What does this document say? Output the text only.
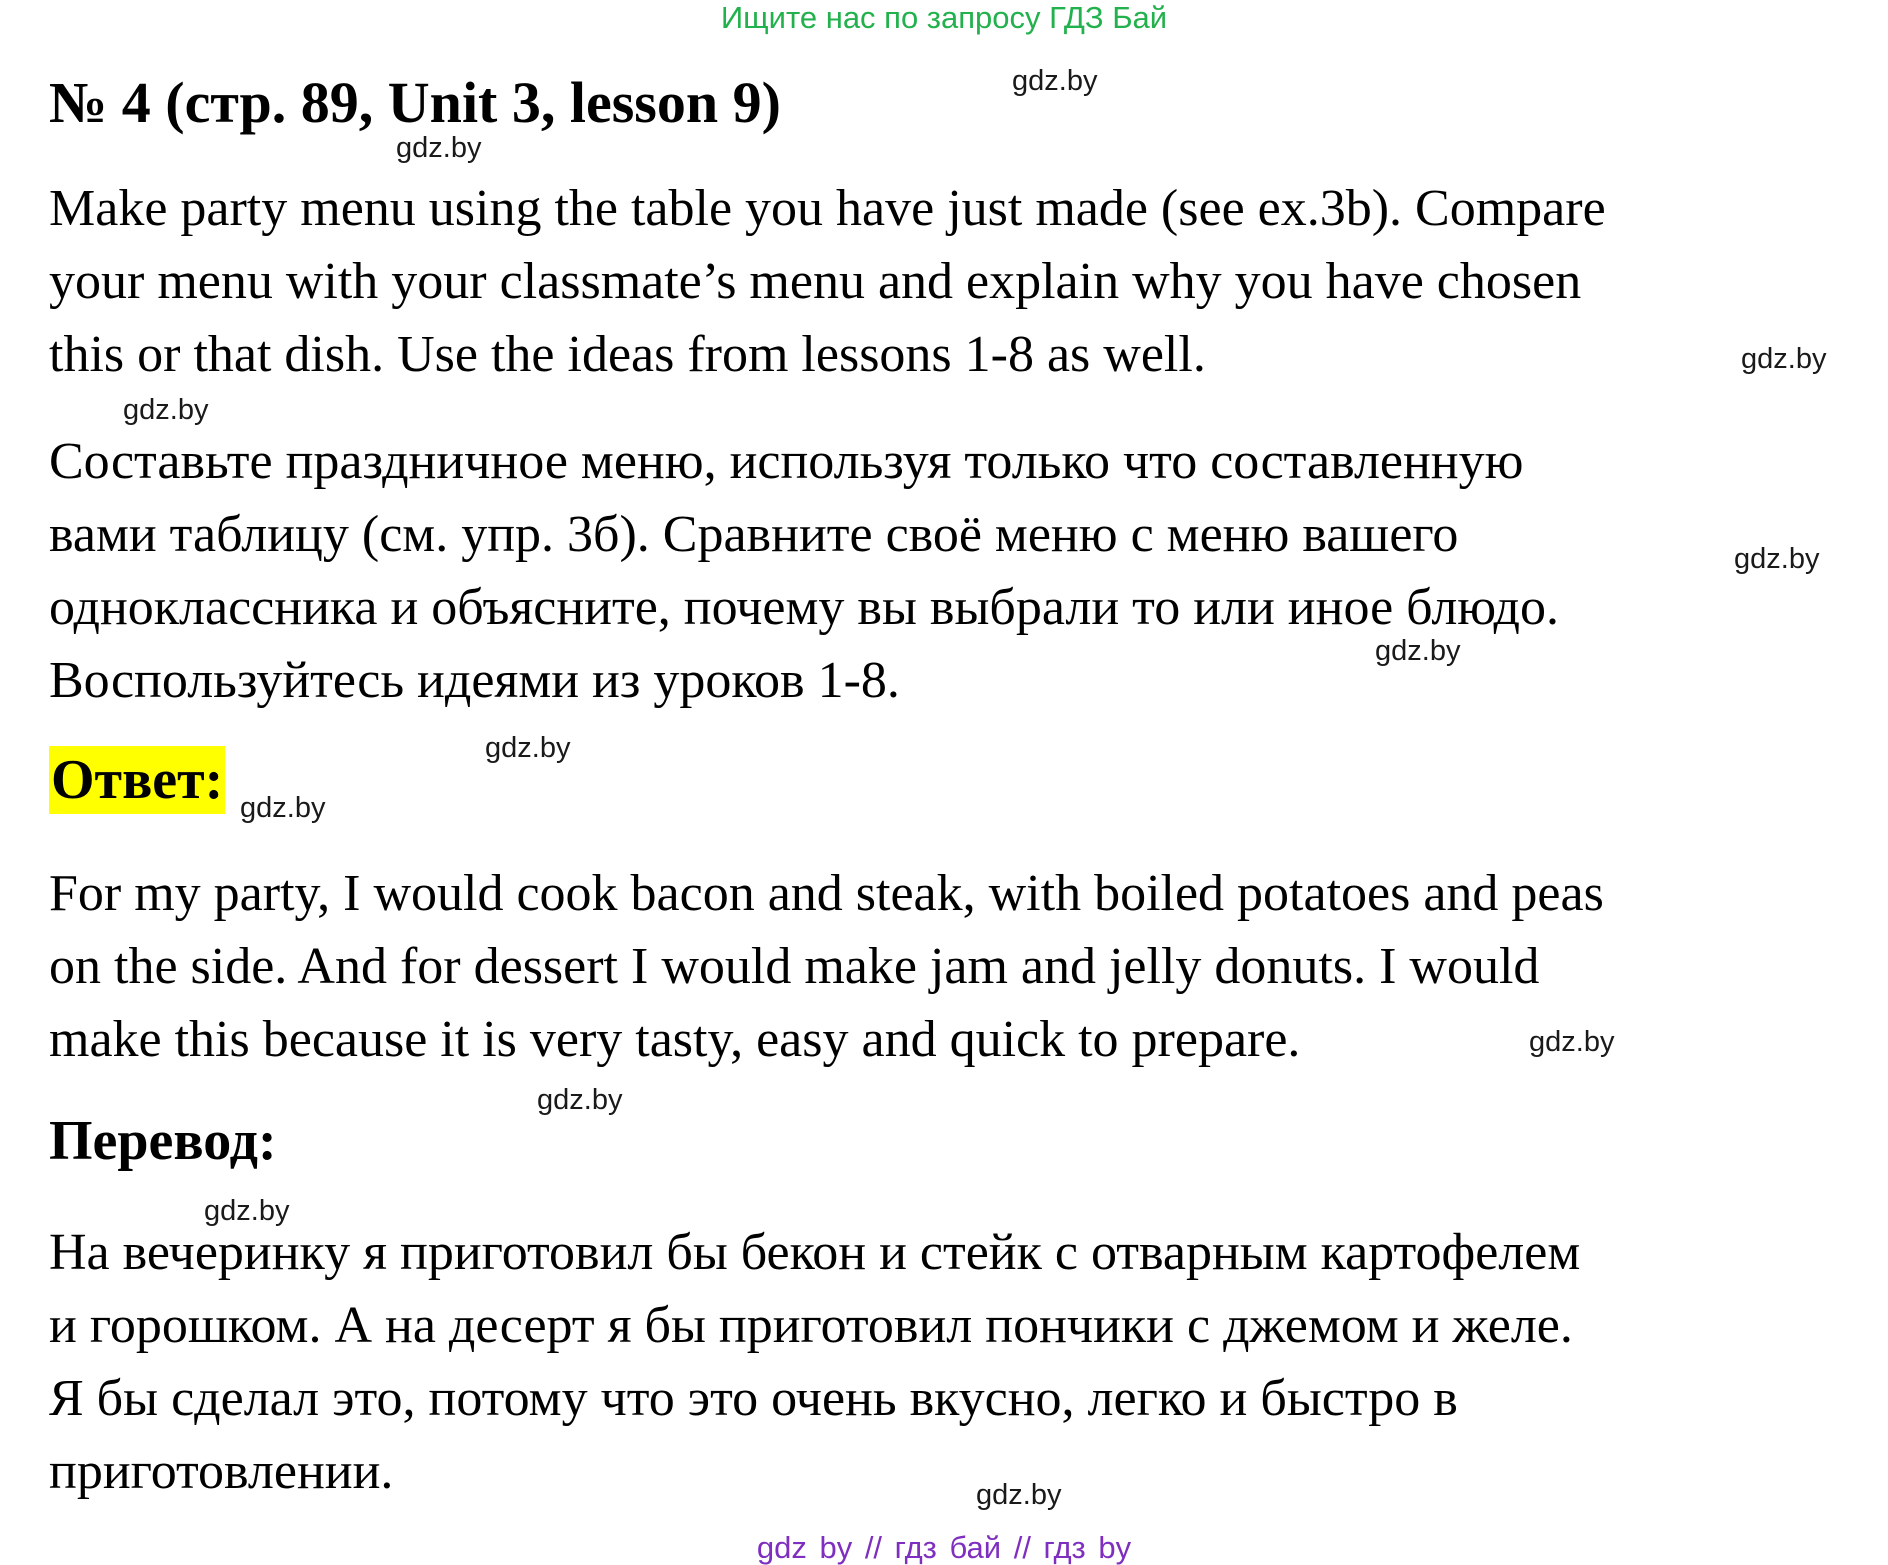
Ищите нас по запросу ГДЗ Бай
№ 4 (стр. 89, Unit 3, lesson 9)
Make party menu using the table you have just made (see ex.3b). Compare
your menu with your classmate’s menu and explain why you have chosen
this or that dish. Use the ideas from lessons 1-8 as well.
Составьте праздничное меню, используя только что составленную
вами таблицу (см. упр. 3б). Сравните своё меню с меню вашего
одноклассника и объясните, почему вы выбрали то или иное блюдо.
Воспользуйтесь идеями из уроков 1-8.
Ответ:
For my party, I would cook bacon and steak, with boiled potatoes and peas
on the side. And for dessert I would make jam and jelly donuts. I would
make this because it is very tasty, easy and quick to prepare.
Перевод:
На вечеринку я приготовил бы бекон и стейк с отварным картофелем
и горошком. А на десерт я бы приготовил пончики с джемом и желе.
Я бы сделал это, потому что это очень вкусно, легко и быстро в
приготовлении.
gdz.by
gdz.by
gdz.by
gdz.by
gdz.by
gdz.by
gdz.by
gdz.by
gdz.by
gdz.by
gdz.by
gdz.by
gdz by // гдз бай // гдз by
